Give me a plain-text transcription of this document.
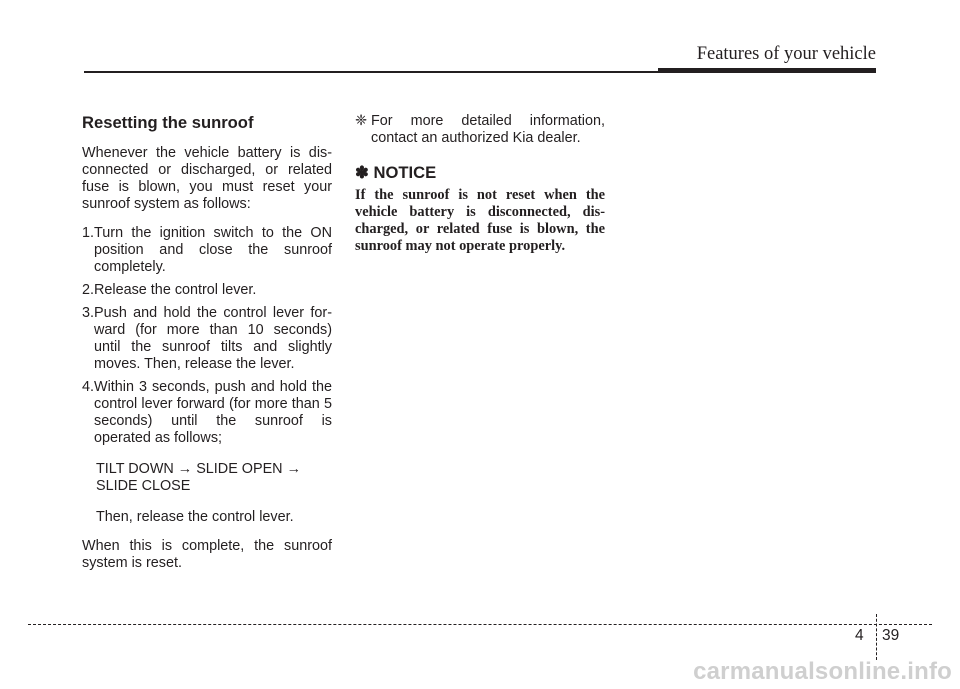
Features of your vehicle
Resetting the sunroof

Whenever the vehicle battery is dis-connected or discharged, or related fuse is blown, you must reset your sunroof system as follows:

1. Turn the ignition switch to the ON position and close the sunroof completely.
2. Release the control lever.
3. Push and hold the control lever for-ward (for more than 10 seconds) until the sunroof tilts and slightly moves. Then, release the lever.
4. Within 3 seconds, push and hold the control lever forward (for more than 5 seconds) until the sunroof is operated as follows;
TILT DOWN → SLIDE OPEN → SLIDE CLOSE

Then, release the control lever.

When this is complete, the sunroof system is reset.

❈ For more detailed information, contact an authorized Kia dealer.
✽ NOTICE

If the sunroof is not reset when the vehicle battery is disconnected, dis-charged, or related fuse is blown, the sunroof may not operate properly.

4 39
carmanualsonline.info
